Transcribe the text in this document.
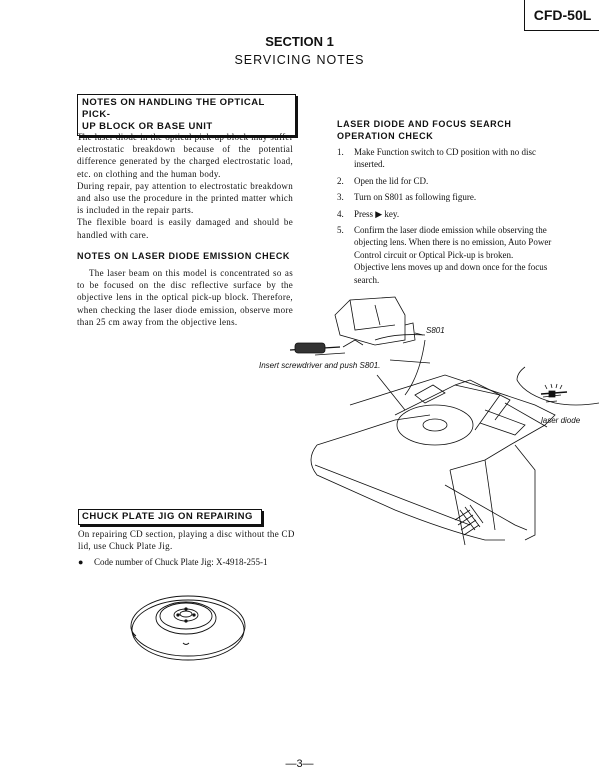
CFD-50L
SECTION 1
SERVICING NOTES
NOTES ON HANDLING THE OPTICAL PICK-
UP BLOCK OR BASE UNIT

The laser diode in the optical pick-up block may suffer electrostatic breakdown because of the potential difference generated by the charged electrostatic load, etc. on clothing and the human body.

During repair, pay attention to electrostatic breakdown and also use the procedure in the printed matter which is included in the repair parts.

The flexible board is easily damaged and should be handled with care.

NOTES ON LASER DIODE EMISSION CHECK
The laser beam on this model is concentrated so as to be focused on the disc reflective surface by the objective lens in the optical pick-up block. Therefore, when checking the laser diode emission, observe more than 25 cm away from the objective lens.
LASER DIODE AND FOCUS SEARCH
OPERATION CHECK
1. Make Function switch to CD position with no disc inserted.
2. Open the lid for CD.
3. Turn on S801 as following figure.
4. Press ▶ key.
5. Confirm the laser diode emission while observing the objecting lens. When there is no emission, Auto Power Control circuit or Optical Pick-up is broken.
Objective lens moves up and down once for the focus search.
S801
Insert screwdriver and push S801.
laser diode
CHUCK PLATE JIG ON REPAIRING
On repairing CD section, playing a disc without the CD lid, use Chuck Plate Jig.
● Code number of Chuck Plate Jig: X-4918-255-1
—3—
